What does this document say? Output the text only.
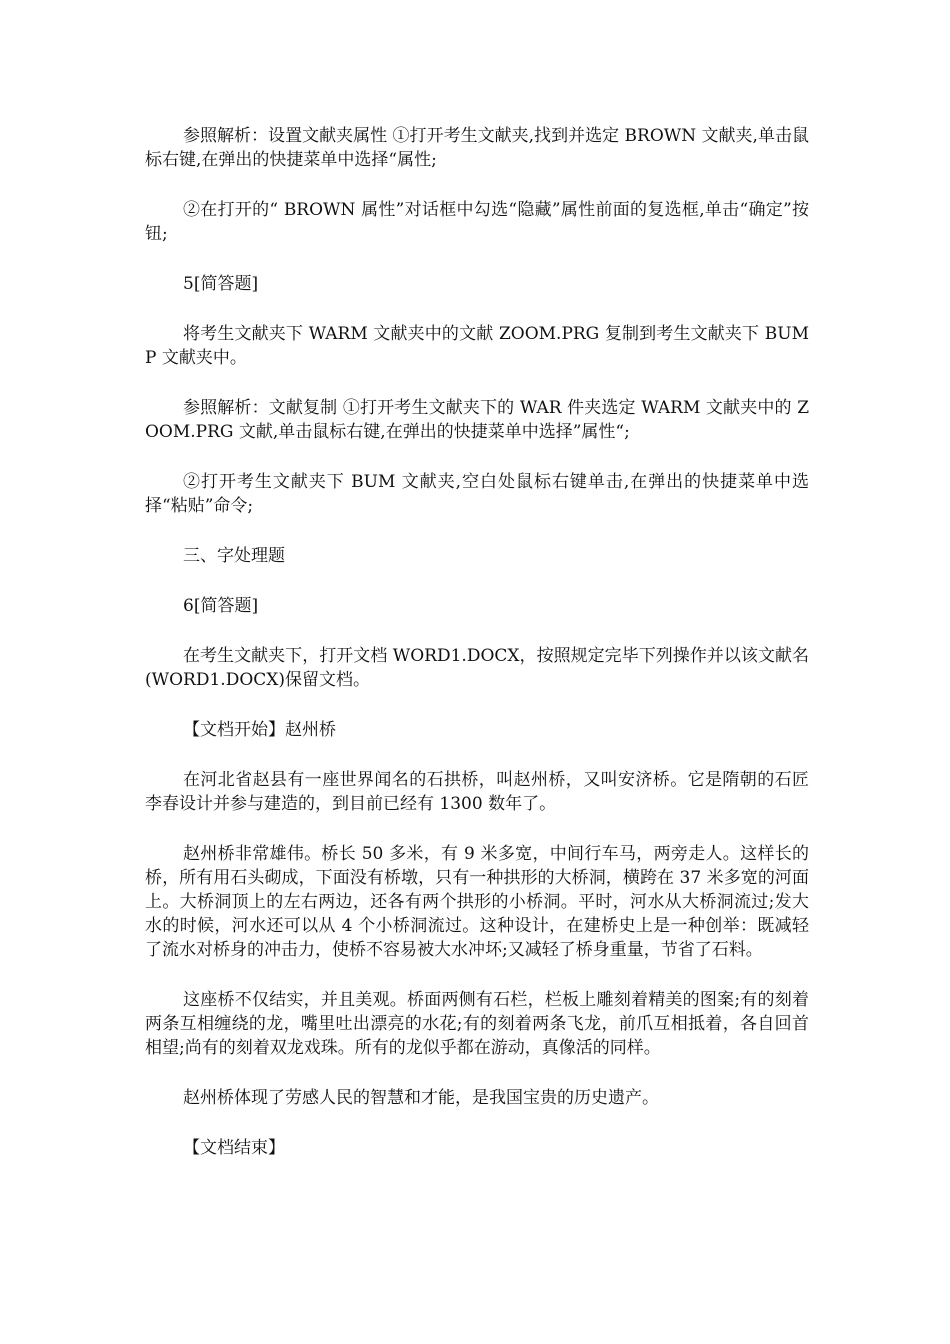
参照解析：设置文献夹属性 ①打开考生文献夹,找到并选定 BROWN 文献夹,单击鼠标右键,在弹出的快捷菜单中选择“属性;

②在打开的“ BROWN 属性”对话框中勾选“隐藏”属性前面的复选框,单击“确定”按钮;

5[简答题]

将考生文献夹下 WARM 文献夹中的文献 ZOOM.PRG 复制到考生文献夹下 BUMP 文献夹中。

参照解析：文献复制 ①打开考生文献夹下的 WAR 件夹选定 WARM 文献夹中的 ZOOM.PRG 文献,单击鼠标右键,在弹出的快捷菜单中选择”属性“;

②打开考生文献夹下 BUM 文献夹,空白处鼠标右键单击,在弹出的快捷菜单中选择“粘贴”命令;

三、字处理题

6[简答题]

在考生文献夹下，打开文档 WORD1.DOCX，按照规定完毕下列操作并以该文献名(WORD1.DOCX)保留文档。

【文档开始】赵州桥

在河北省赵县有一座世界闻名的石拱桥，叫赵州桥，又叫安济桥。它是隋朝的石匠李春设计并参与建造的，到目前已经有 1300 数年了。

赵州桥非常雄伟。桥长 50 多米，有 9 米多宽，中间行车马，两旁走人。这样长的桥，所有用石头砌成，下面没有桥墩，只有一种拱形的大桥洞，横跨在 37 米多宽的河面上。大桥洞顶上的左右两边，还各有两个拱形的小桥洞。平时，河水从大桥洞流过;发大水的时候，河水还可以从 4 个小桥洞流过。这种设计，在建桥史上是一种创举：既减轻了流水对桥身的冲击力，使桥不容易被大水冲坏;又减轻了桥身重量，节省了石料。

这座桥不仅结实，并且美观。桥面两侧有石栏，栏板上雕刻着精美的图案;有的刻着两条互相缠绕的龙，嘴里吐出漂亮的水花;有的刻着两条飞龙，前爪互相抵着，各自回首相望;尚有的刻着双龙戏珠。所有的龙似乎都在游动，真像活的同样。

赵州桥体现了劳感人民的智慧和才能，是我国宝贵的历史遗产。

【文档结束】
